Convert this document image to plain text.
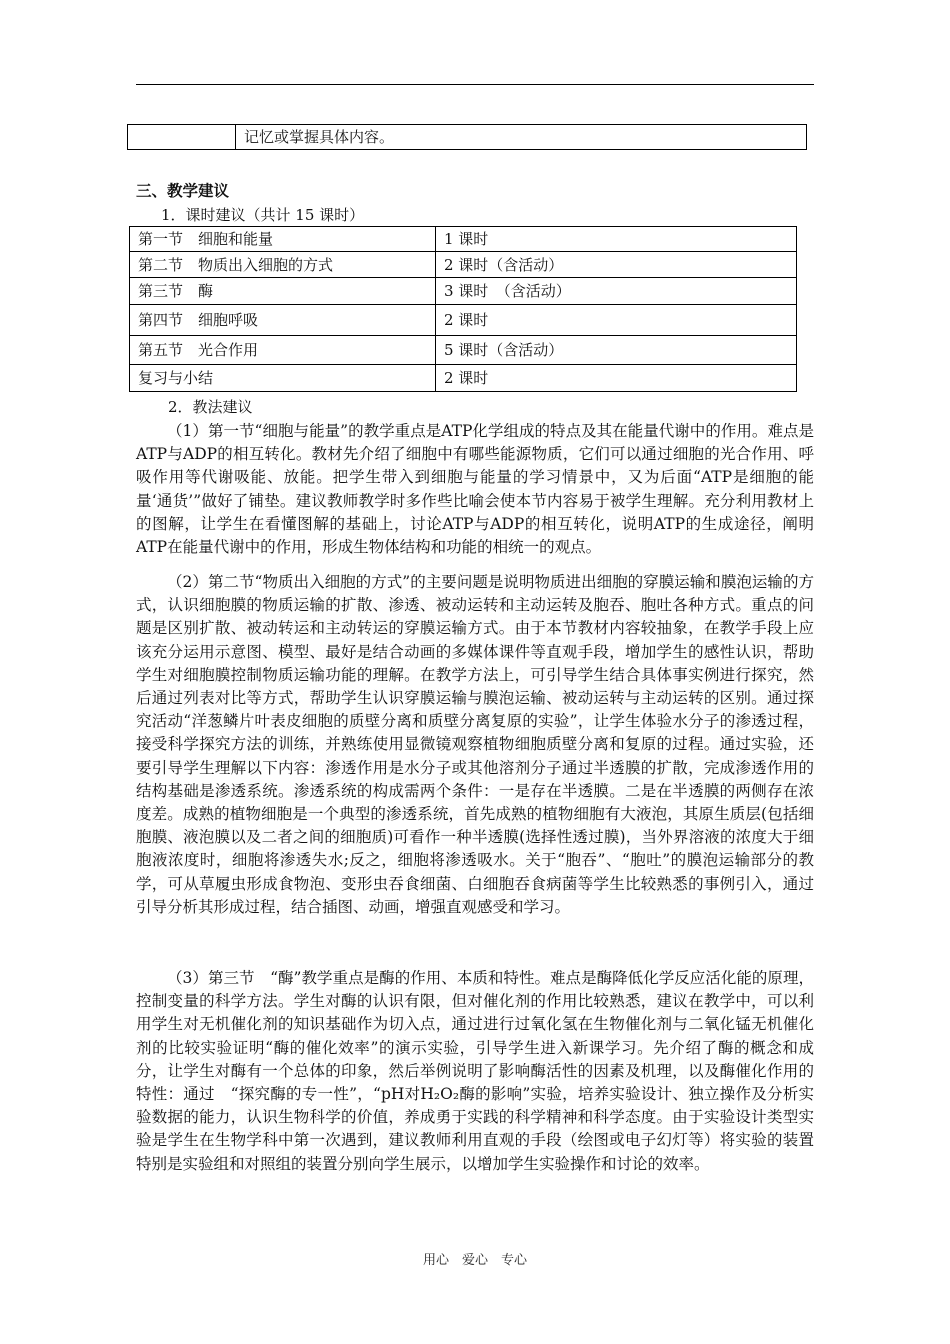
	记忆或掌握具体内容。
三、教学建议
1．课时建议（共计 15 课时）
第一节　细胞和能量	1 课时
第二节　物质出入细胞的方式	2 课时（含活动）
第三节　酶	3 课时　（含活动）
第四节　细胞呼吸	2 课时
第五节　光合作用	5 课时（含活动）
复习与小结	2 课时
2．教法建议

（1）第一节“细胞与能量”的教学重点是ATP化学组成的特点及其在能量代谢中的作用。难点是ATP与ADP的相互转化。教材先介绍了细胞中有哪些能源物质，它们可以通过细胞的光合作用、呼吸作用等代谢吸能、放能。把学生带入到细胞与能量的学习情景中，又为后面“ATP是细胞的能量‘通货’”做好了铺垫。建议教师教学时多作些比喻会使本节内容易于被学生理解。充分利用教材上的图解，让学生在看懂图解的基础上，讨论ATP与ADP的相互转化，说明ATP的生成途径，阐明ATP在能量代谢中的作用，形成生物体结构和功能的相统一的观点。

（2）第二节“物质出入细胞的方式”的主要问题是说明物质进出细胞的穿膜运输和膜泡运输的方式，认识细胞膜的物质运输的扩散、渗透、被动运转和主动运转及胞吞、胞吐各种方式。重点的问题是区别扩散、被动转运和主动转运的穿膜运输方式。由于本节教材内容较抽象，在教学手段上应该充分运用示意图、模型、最好是结合动画的多媒体课件等直观手段，增加学生的感性认识，帮助学生对细胞膜控制物质运输功能的理解。在教学方法上，可引导学生结合具体事实例进行探究，然后通过列表对比等方式，帮助学生认识穿膜运输与膜泡运输、被动运转与主动运转的区别。通过探究活动“洋葱鳞片叶表皮细胞的质壁分离和质壁分离复原的实验”，让学生体验水分子的渗透过程，接受科学探究方法的训练，并熟练使用显微镜观察植物细胞质壁分离和复原的过程。通过实验，还要引导学生理解以下内容：渗透作用是水分子或其他溶剂分子通过半透膜的扩散，完成渗透作用的结构基础是渗透系统。渗透系统的构成需两个条件：一是存在半透膜。二是在半透膜的两侧存在浓度差。成熟的植物细胞是一个典型的渗透系统，首先成熟的植物细胞有大液泡，其原生质层(包括细胞膜、液泡膜以及二者之间的细胞质)可看作一种半透膜(选择性透过膜)，当外界溶液的浓度大于细胞液浓度时，细胞将渗透失水;反之，细胞将渗透吸水。关于“胞吞”、“胞吐”的膜泡运输部分的教学，可从草履虫形成食物泡、变形虫吞食细菌、白细胞吞食病菌等学生比较熟悉的事例引入，通过引导分析其形成过程，结合插图、动画，增强直观感受和学习。

（3）第三节　“酶”教学重点是酶的作用、本质和特性。难点是酶降低化学反应活化能的原理，控制变量的科学方法。学生对酶的认识有限，但对催化剂的作用比较熟悉，建议在教学中，可以利用学生对无机催化剂的知识基础作为切入点，通过进行过氧化氢在生物催化剂与二氧化锰无机催化剂的比较实验证明“酶的催化效率”的演示实验，引导学生进入新课学习。先介绍了酶的概念和成分，让学生对酶有一个总体的印象，然后举例说明了影响酶活性的因素及机理，以及酶催化作用的特性：通过　“探究酶的专一性”，“pH对H₂O₂酶的影响”实验，培养实验设计、独立操作及分析实验数据的能力，认识生物科学的价值，养成勇于实践的科学精神和科学态度。由于实验设计类型实验是学生在生物学科中第一次遇到，建议教师利用直观的手段（绘图或电子幻灯等）将实验的装置特别是实验组和对照组的装置分别向学生展示，以增加学生实验操作和讨论的效率。

用心　爱心　专心
